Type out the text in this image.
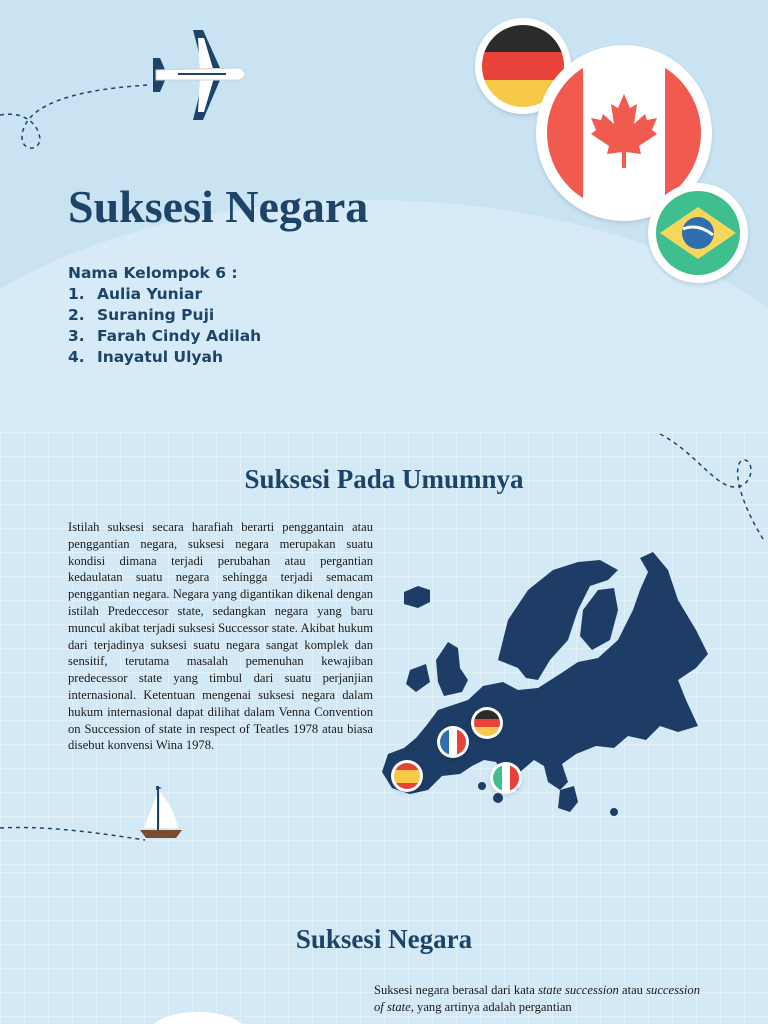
Suksesi Negara
Nama Kelompok 6 :
1. Aulia Yuniar
2. Suraning Puji
3. Farah Cindy Adilah
4. Inayatul Ulyah
Suksesi Pada Umumnya

Istilah suksesi secara harafiah berarti penggantain atau penggantian negara, suksesi negara merupakan suatu kondisi dimana terjadi perubahan atau pergantian kedaulatan suatu negara sehingga terjadi semacam penggantian negara. Negara yang digantikan dikenal dengan istilah Predeccesor state, sedangkan negara yang baru muncul akibat terjadi suksesi Successor state. Akibat hukum dari terjadinya suksesi suatu negara sangat komplek dan sensitif, terutama masalah pemenuhan kewajiban predecessor state yang timbul dari suatu perjanjian internasional. Ketentuan mengenai suksesi negara dalam hukum internasional dapat dilihat dalam Venna Convention on Succession of state in respect of Teatles 1978 atau biasa disebut konvensi Wina 1978.

Suksesi Negara

Suksesi negara berasal dari kata state succession atau succession of state, yang artinya adalah pergantian
